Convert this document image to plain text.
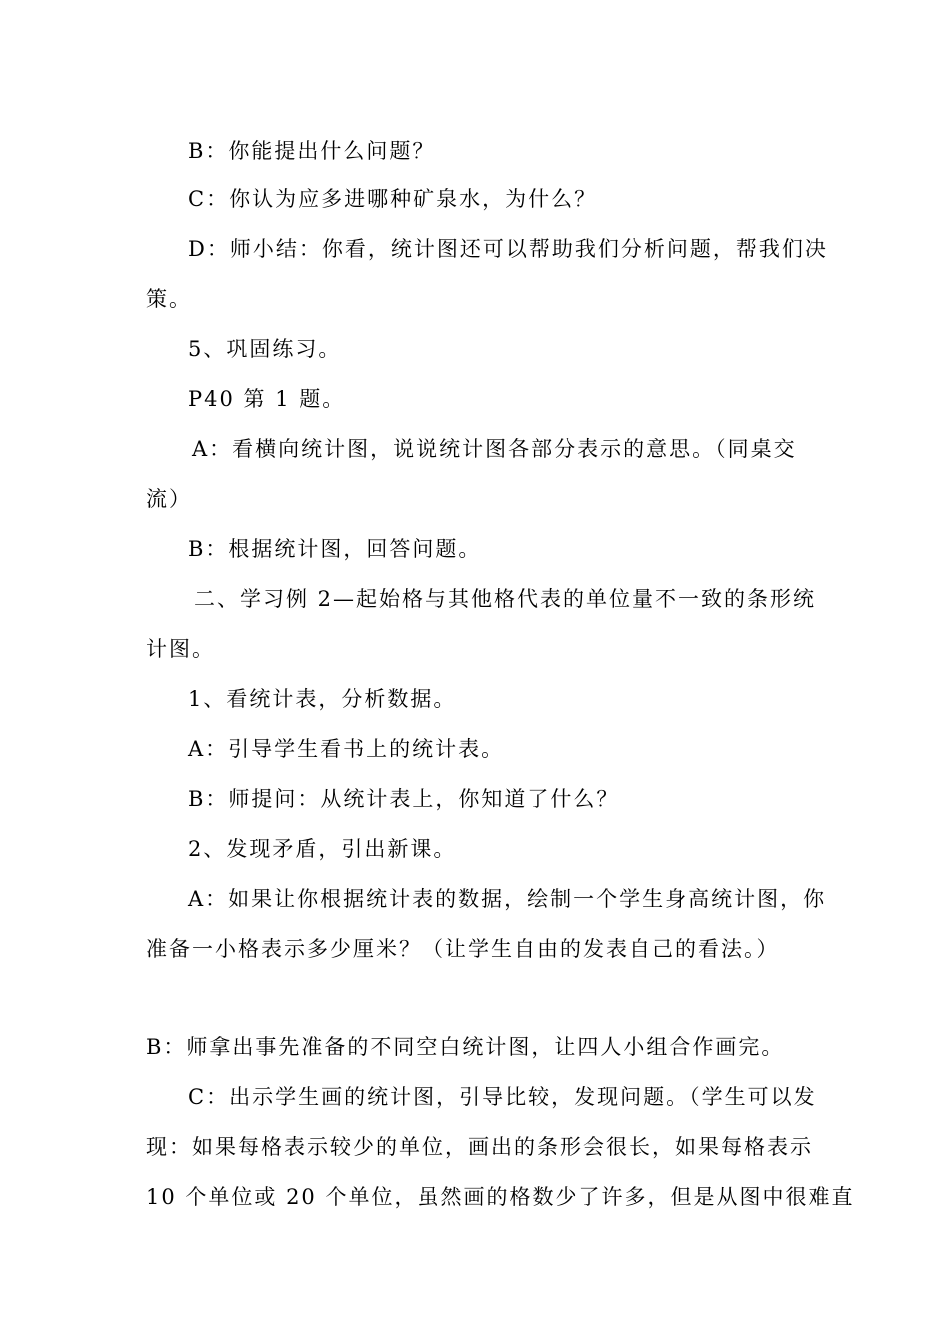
B：你能提出什么问题？
C：你认为应多进哪种矿泉水，为什么？
D：师小结：你看，统计图还可以帮助我们分析问题，帮我们决
策。
5、巩固练习。
P40 第 1 题。
A：看横向统计图，说说统计图各部分表示的意思。（同桌交
流）
B：根据统计图，回答问题。
二、学习例 2—起始格与其他格代表的单位量不一致的条形统
计图。
1、看统计表，分析数据。
A：引导学生看书上的统计表。
B：师提问：从统计表上，你知道了什么？
2、发现矛盾，引出新课。
A：如果让你根据统计表的数据，绘制一个学生身高统计图，你
准备一小格表示多少厘米？（让学生自由的发表自己的看法。）
B：师拿出事先准备的不同空白统计图，让四人小组合作画完。
C：出示学生画的统计图，引导比较，发现问题。（学生可以发
现：如果每格表示较少的单位，画出的条形会很长，如果每格表示
10 个单位或 20 个单位，虽然画的格数少了许多，但是从图中很难直
